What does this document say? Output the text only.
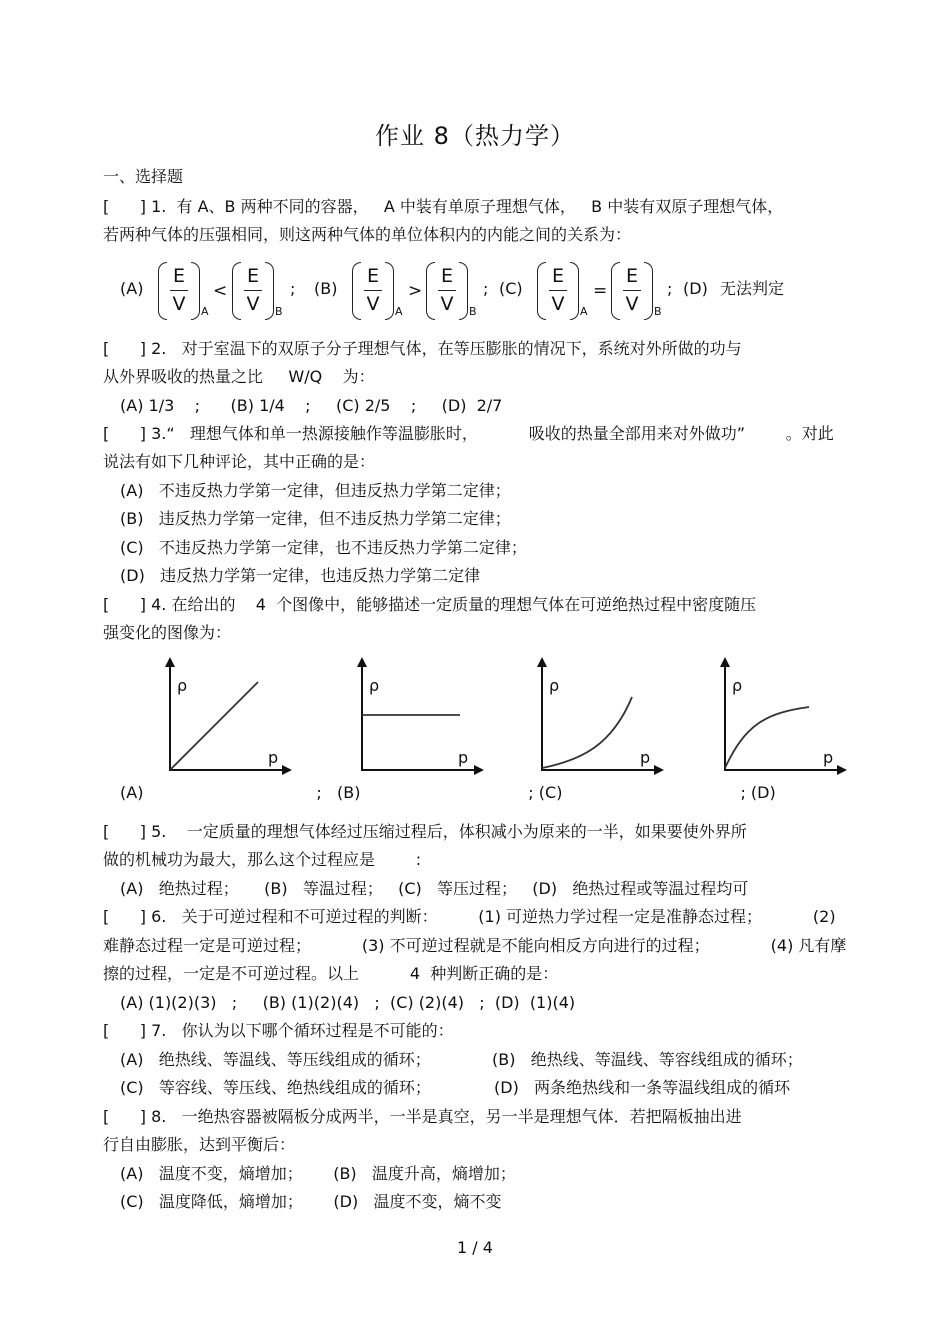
作业 8（热力学）
一、选择题
[      ] 1.  有 A、B 两种不同的容器，   A 中装有单原子理想气体，   B 中装有双原子理想气体，
若两种气体的压强相同，则这两种气体的单位体积内的内能之间的关系为：
(A)
E
V	A
<
E
V	B
; (B)
E
V	A
>
E
V	B
; (C)
E
V	A
=
E
V	B
; (D) 无法判定
[      ] 2.   对于室温下的双原子分子理想气体，在等压膨胀的情况下，系统对外所做的功与
从外界吸收的热量之比     W/Q    为：
(A) 1/3    ;      (B) 1/4    ;     (C) 2/5    ;     (D)  2/7
[      ] 3.“   理想气体和单一热源接触作等温膨胀时，          吸收的热量全部用来对外做功”        。对此
说法有如下几种评论，其中正确的是：
(A)   不违反热力学第一定律，但违反热力学第二定律；
(B)   违反热力学第一定律，但不违反热力学第二定律；
(C)   不违反热力学第一定律，也不违反热力学第二定律；
(D)   违反热力学第一定律，也违反热力学第二定律
[      ] 4. 在给出的    4  个图像中，能够描述一定质量的理想气体在可逆绝热过程中密度随压
强变化的图像为：
ρ
p
ρ
p
ρ
p
ρ
p
(A)                                  ;   (B)                                 ; (C)                                   ; (D)
[      ] 5.    一定质量的理想气体经过压缩过程后，体积减小为原来的一半，如果要使外界所
做的机械功为最大，那么这个过程应是        :
(A)   绝热过程；     (B)   等温过程；   (C)   等压过程；   (D)   绝热过程或等温过程均可
[      ] 6.   关于可逆过程和不可逆过程的判断：        (1) 可逆热力学过程一定是准静态过程；          (2)
难静态过程一定是可逆过程；          (3) 不可逆过程就是不能向相反方向进行的过程；            (4) 凡有摩
擦的过程，一定是不可逆过程。以上          4  种判断正确的是：
(A) (1)(2)(3)   ;     (B) (1)(2)(4)   ;  (C) (2)(4)   ;  (D)  (1)(4)
[      ] 7.   你认为以下哪个循环过程是不可能的：
(A)   绝热线、等温线、等压线组成的循环；	(B)   绝热线、等温线、等容线组成的循环；
(C)   等容线、等压线、绝热线组成的循环；	(D)   两条绝热线和一条等温线组成的循环
[      ] 8.   一绝热容器被隔板分成两半，一半是真空，另一半是理想气体．若把隔板抽出进
行自由膨胀，达到平衡后：
(A)   温度不变，熵增加；      (B)   温度升高，熵增加；
(C)   温度降低，熵增加；      (D)   温度不变，熵不变
1 / 4
